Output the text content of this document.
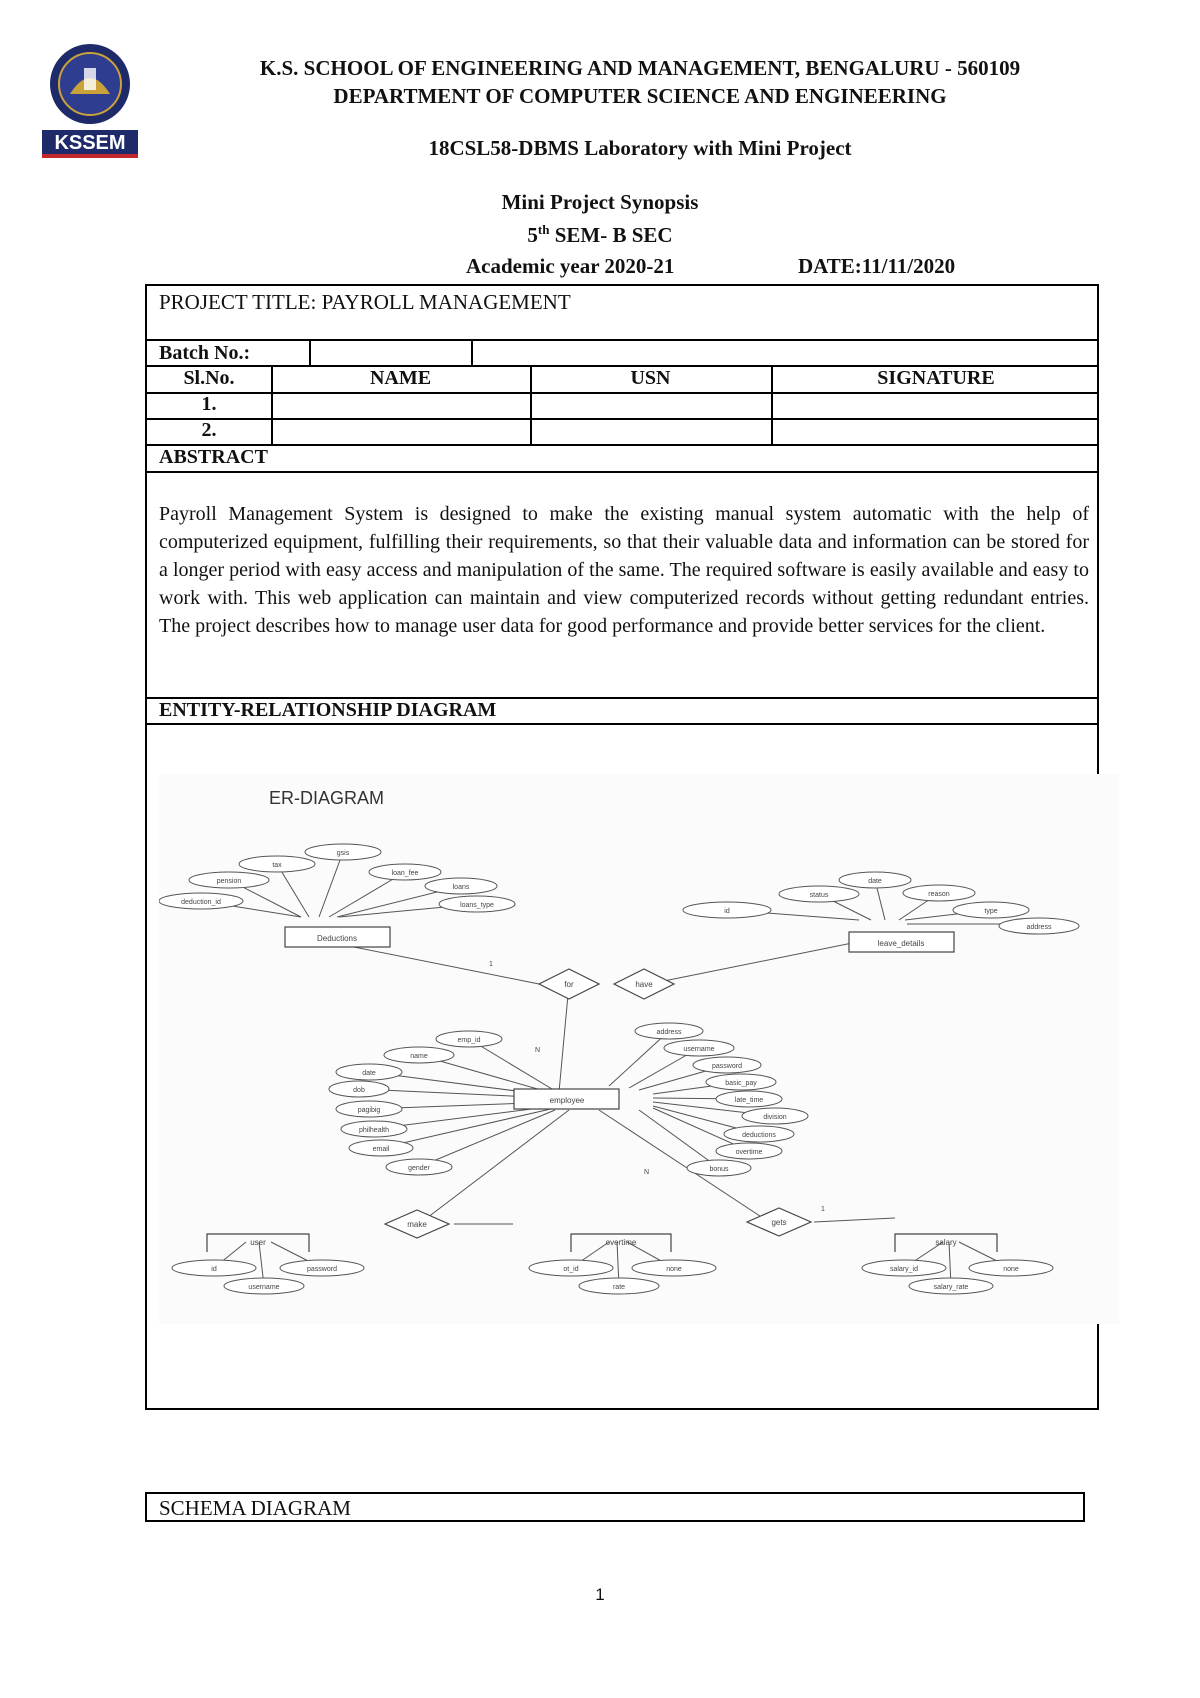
KSSEM
K.S. SCHOOL OF ENGINEERING AND MANAGEMENT, BENGALURU - 560109
DEPARTMENT OF COMPUTER SCIENCE AND ENGINEERING
18CSL58-DBMS Laboratory with Mini Project
Mini Project Synopsis
5th SEM- B SEC
Academic year 2020-21	DATE:11/11/2020
PROJECT TITLE: PAYROLL MANAGEMENT
Batch No.:
Sl.No.	NAME	USN	SIGNATURE
1.
2.
ABSTRACT
Payroll Management System is designed to make the existing manual system automatic with the help of computerized equipment, fulfilling their requirements, so that their valuable data and information can be stored for a longer period with easy access and manipulation of the same. The required software is easily available and easy to work with. This web application can maintain and view computerized records without getting redundant entries. The project describes how to manage user data for good performance and provide better services for the client.
ENTITY-RELATIONSHIP DIAGRAM
ER-DIAGRAM
Deductions
leave_details
employee
user	overtime	salary
for	have
make	gets
1
N
N
1
deduction_id
pension
tax
gsis
loan_fee
loans
loans_type
id
status
date
reason
type
address
emp_id
name
date
dob
pagibig
philhealth
email
gender
address
username
password
basic_pay
late_time
division
deductions
overtime
bonus
id
username
password	ot_id
rate
none	salary_id
salary_rate
none
SCHEMA DIAGRAM
1
